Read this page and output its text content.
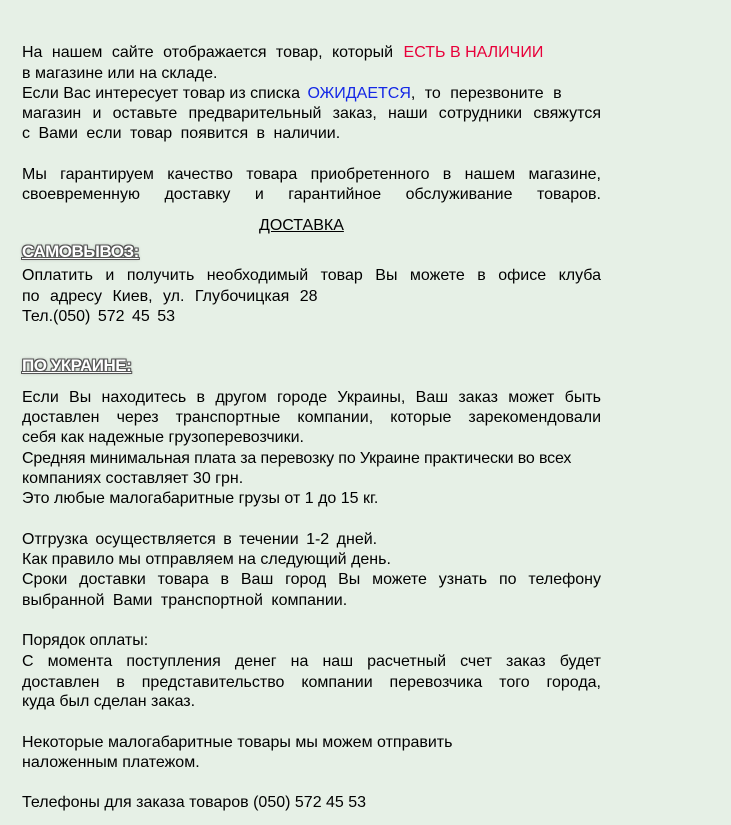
На нашем сайте отображается товар, который ЕСТЬ В НАЛИЧИИ
в магазине или на складе.
Если Вас интересует товар из списка ОЖИДАЕТСЯ, то перезвоните в
магазин и оставьте предварительный заказ, наши сотрудники свяжутся
с Вами если товар появится в наличии.
Мы гарантируем качество товара приобретенного в нашем магазине,
своевременную доставку и гарантийное обслуживание товаров.
ДОСТАВКА
САМОВЫВОЗ:
Оплатить и получить необходимый товар Вы можете в офисе клуба
по адресу Киев, ул. Глубочицкая 28
Тел.(050) 572 45 53
ПО УКРАИНЕ:
Если Вы находитесь в другом городе Украины, Ваш заказ может быть
доставлен через транспортные компании, которые зарекомендовали
себя как надежные грузоперевозчики.
Средняя минимальная плата за перевозку по Украине практически во всех
компаниях составляет 30 грн.
Это любые малогабаритные грузы от 1 до 15 кг.
Отгрузка осуществляется в течении 1-2 дней.
Как правило мы отправляем на следующий день.
Сроки доставки товара в Ваш город Вы можете узнать по телефону
выбранной Вами транспортной компании.
Порядок оплаты:
С момента поступления денег на наш расчетный счет заказ будет
доставлен в представительство компании перевозчика того города,
куда был сделан заказ.
Некоторые малогабаритные товары мы можем отправить
наложенным платежом.
Телефоны для заказа товаров (050) 572 45 53
